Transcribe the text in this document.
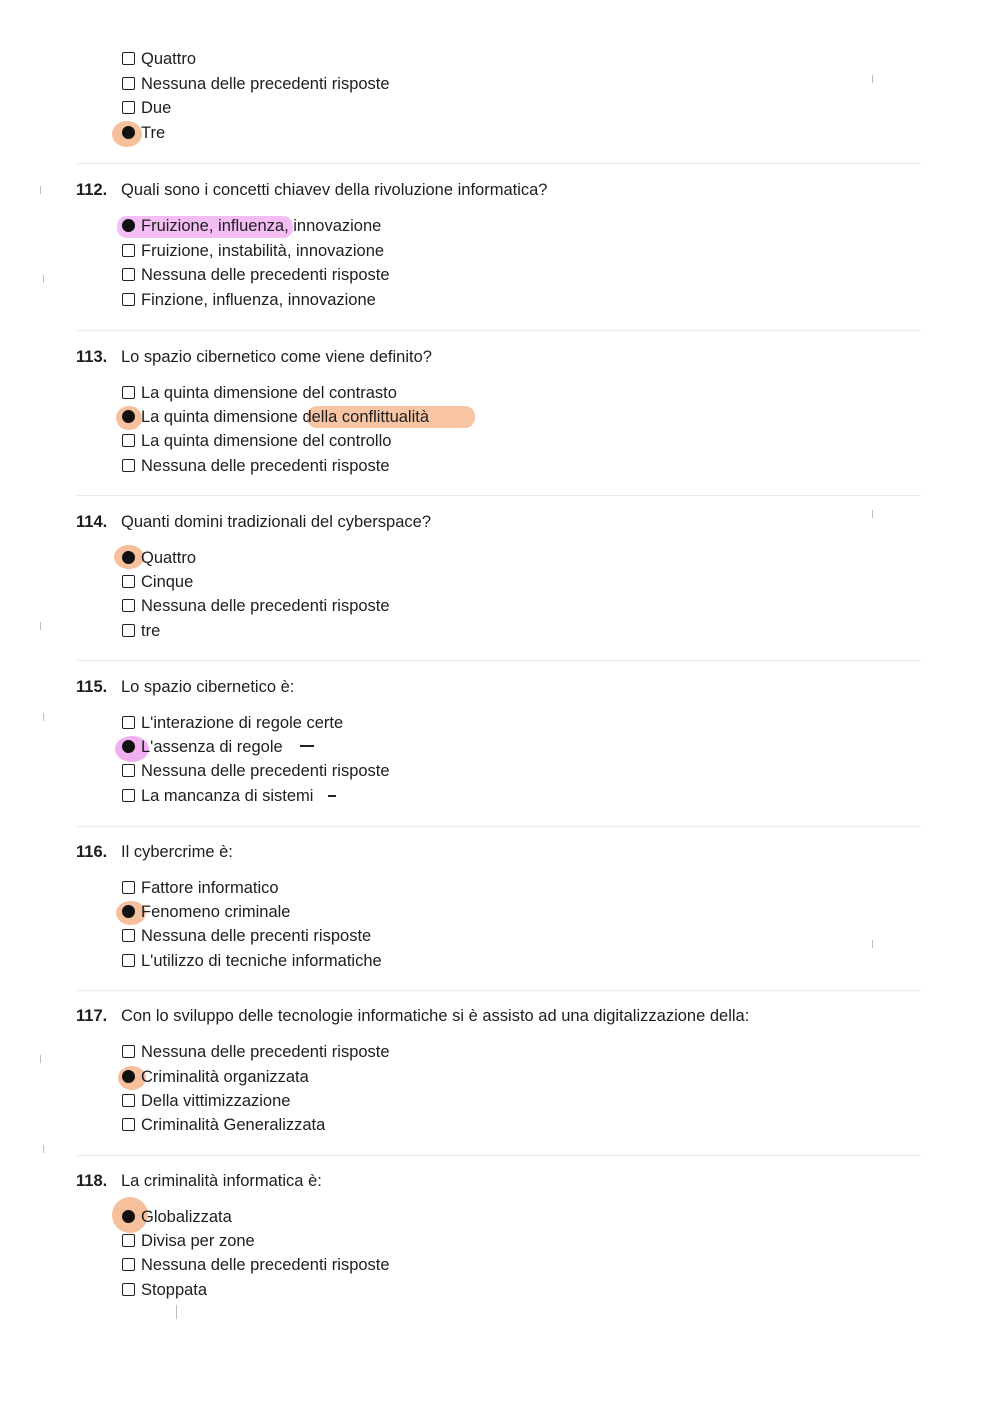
Quattro
Nessuna delle precedenti risposte
Due
Tre
112. Quali sono i concetti chiavev della rivoluzione informatica?
Fruizione, influenza, innovazione
Fruizione, instabilità, innovazione
Nessuna delle precedenti risposte
Finzione, influenza, innovazione
113. Lo spazio cibernetico come viene definito?
La quinta dimensione del contrasto
La quinta dimensione della conflittualità
La quinta dimensione del controllo
Nessuna delle precedenti risposte
114. Quanti domini tradizionali del cyberspace?
Quattro
Cinque
Nessuna delle precedenti risposte
tre
115. Lo spazio cibernetico è:
L'interazione di regole certe
L'assenza di regole
Nessuna delle precedenti risposte
La mancanza di sistemi
116. Il cybercrime è:
Fattore informatico
Fenomeno criminale
Nessuna delle precenti risposte
L'utilizzo di tecniche informatiche
117. Con lo sviluppo delle tecnologie informatiche si è assisto ad una digitalizzazione della:
Nessuna delle precedenti risposte
Criminalità organizzata
Della vittimizzazione
Criminalità Generalizzata
118. La criminalità informatica è:
Globalizzata
Divisa per zone
Nessuna delle precedenti risposte
Stoppata
